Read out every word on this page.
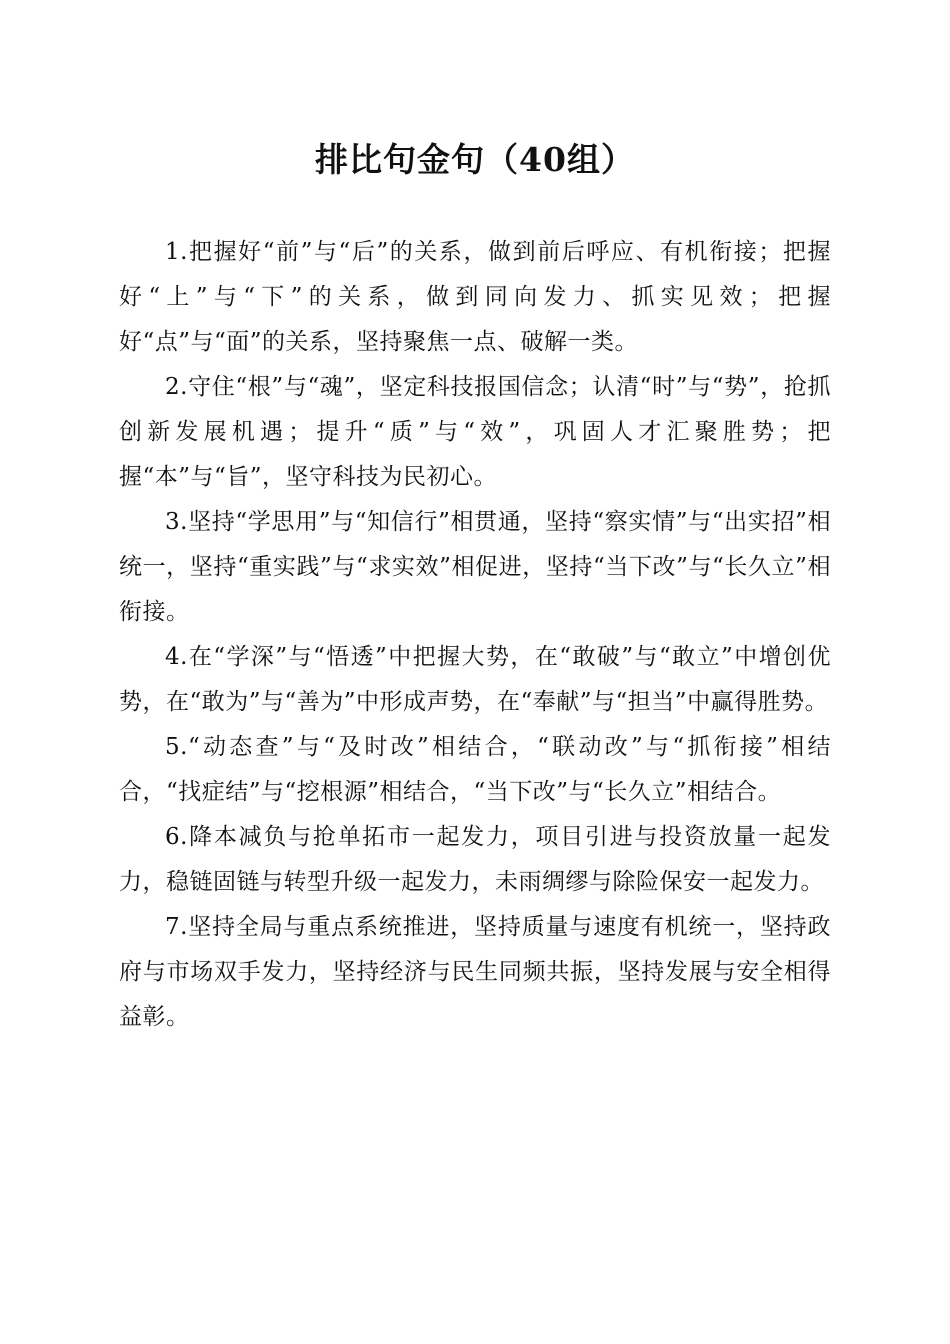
排比句金句（40组）

1.把握好“前”与“后”的关系，做到前后呼应、有机衔接；把握好“上”与“下”的关系，做到同向发力、抓实见效；把握好“点”与“面”的关系，坚持聚焦一点、破解一类。

2.守住“根”与“魂”，坚定科技报国信念；认清“时”与“势”，抢抓创新发展机遇；提升“质”与“效”，巩固人才汇聚胜势；把握“本”与“旨”，坚守科技为民初心。

3.坚持“学思用”与“知信行”相贯通，坚持“察实情”与“出实招”相统一，坚持“重实践”与“求实效”相促进，坚持“当下改”与“长久立”相衔接。

4.在“学深”与“悟透”中把握大势，在“敢破”与“敢立”中增创优势，在“敢为”与“善为”中形成声势，在“奉献”与“担当”中赢得胜势。

5.“动态查”与“及时改”相结合，“联动改”与“抓衔接”相结合，“找症结”与“挖根源”相结合，“当下改”与“长久立”相结合。

6.降本减负与抢单拓市一起发力，项目引进与投资放量一起发力，稳链固链与转型升级一起发力，未雨绸缪与除险保安一起发力。

7.坚持全局与重点系统推进，坚持质量与速度有机统一，坚持政府与市场双手发力，坚持经济与民生同频共振，坚持发展与安全相得益彰。
